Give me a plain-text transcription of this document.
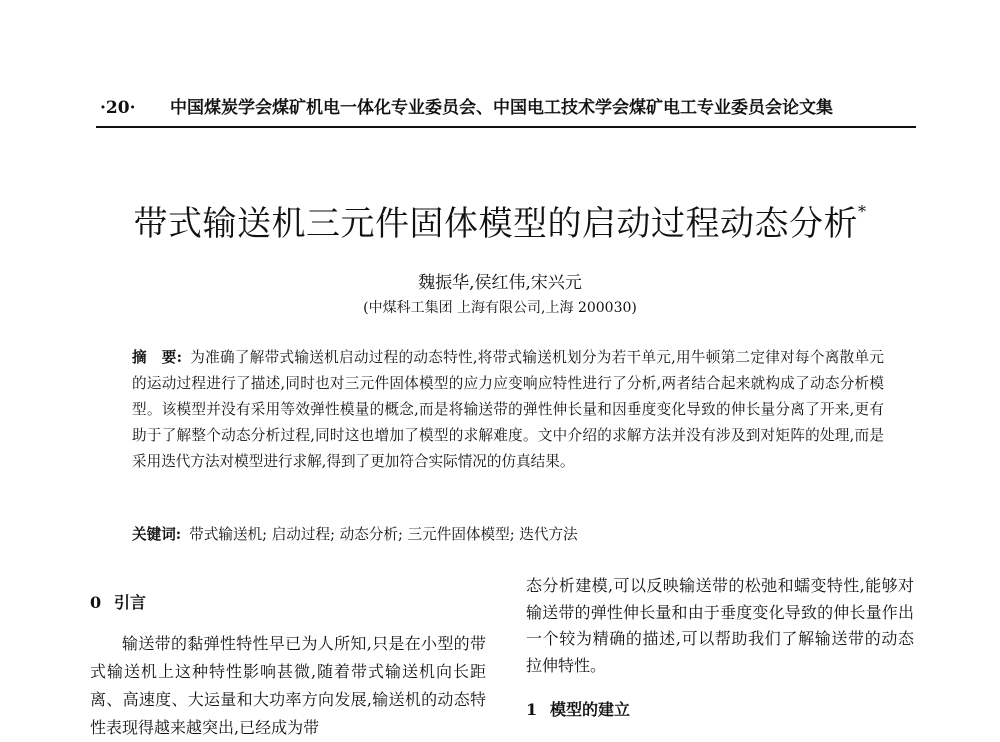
·20· 中国煤炭学会煤矿机电一体化专业委员会、中国电工技术学会煤矿电工专业委员会论文集
带式输送机三元件固体模型的启动过程动态分析*
魏振华,侯红伟,宋兴元
(中煤科工集团 上海有限公司,上海 200030)
摘　要: 为准确了解带式输送机启动过程的动态特性,将带式输送机划分为若干单元,用牛顿第二定律对每个离散单元的运动过程进行了描述,同时也对三元件固体模型的应力应变响应特性进行了分析,两者结合起来就构成了动态分析模型。该模型并没有采用等效弹性模量的概念,而是将输送带的弹性伸长量和因垂度变化导致的伸长量分离了开来,更有助于了解整个动态分析过程,同时这也增加了模型的求解难度。文中介绍的求解方法并没有涉及到对矩阵的处理,而是采用迭代方法对模型进行求解,得到了更加符合实际情况的仿真结果。
关键词: 带式输送机; 启动过程; 动态分析; 三元件固体模型; 迭代方法
0 引言

输送带的黏弹性特性早已为人所知,只是在小型的带式输送机上这种特性影响甚微,随着带式输送机向长距离、高速度、大运量和大功率方向发展,输送机的动态特性表现得越来越突出,已经成为带

态分析建模,可以反映输送带的松弛和蠕变特性,能够对输送带的弹性伸长量和由于垂度变化导致的伸长量作出一个较为精确的描述,可以帮助我们了解输送带的动态拉伸特性。

1 模型的建立
